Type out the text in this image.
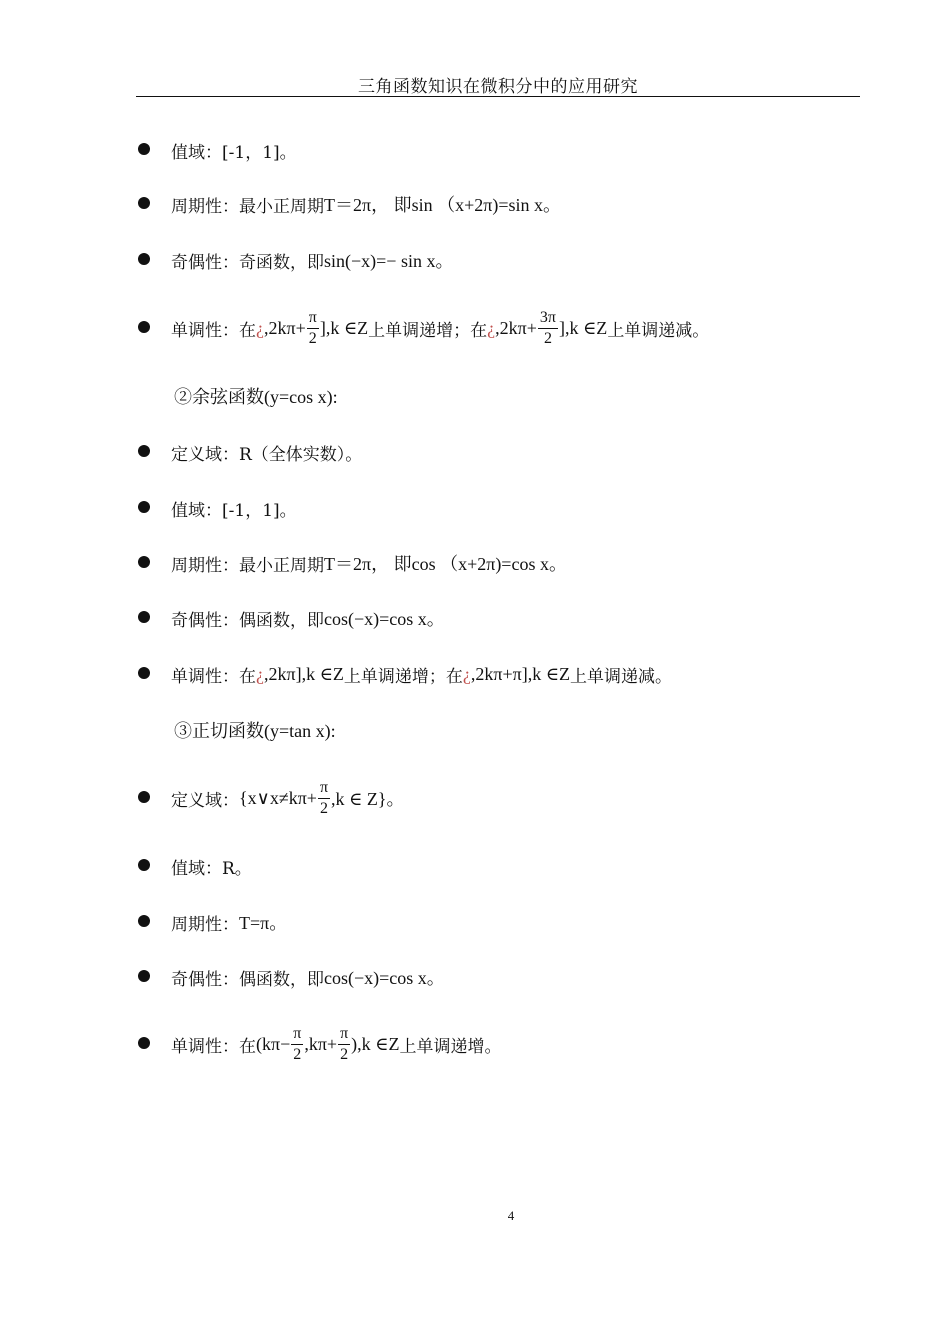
三角函数知识在微积分中的应用研究
值域： [-1，1]。
周期性： 最小正周期 T＝2π， 即sin （x+2π)=sin x。
奇偶性： 奇函数，即 sin(−x)=− sin x。
单调性： 在 ¿ $,2k\pi+ \frac{\pi}{2} ],k$ ∈Z 上单调递增； 在 ¿ $,2k\pi+ \frac{3\pi}{2} ],k$ ∈Z 上单调递减。
②余弦函数(y=cos x):
定义域： R（全体实数）。
值域： [-1，1]。
周期性： 最小正周期 T＝2π， 即cos （x+2π)=cos x。
奇偶性： 偶函数，即 cos(−x)=cos x。
单调性： 在 ¿ ,2kπ],k ∈Z 上单调递增； 在 ¿ ,2kπ+π],k ∈Z 上单调递减。
③正切函数(y=tan x):
定义域： {x∨x≠kπ+ $\frac{\pi}{2} ,k$ ∈ Z}。
值域： R。
周期性： T=π。
奇偶性： 偶函数，即 cos(−x)=cos x。
单调性： 在 $(k\pi- \frac{\pi}{2} ,k\pi+ \frac{\pi}{2} ),k$ ∈Z 上单调递增。
4
